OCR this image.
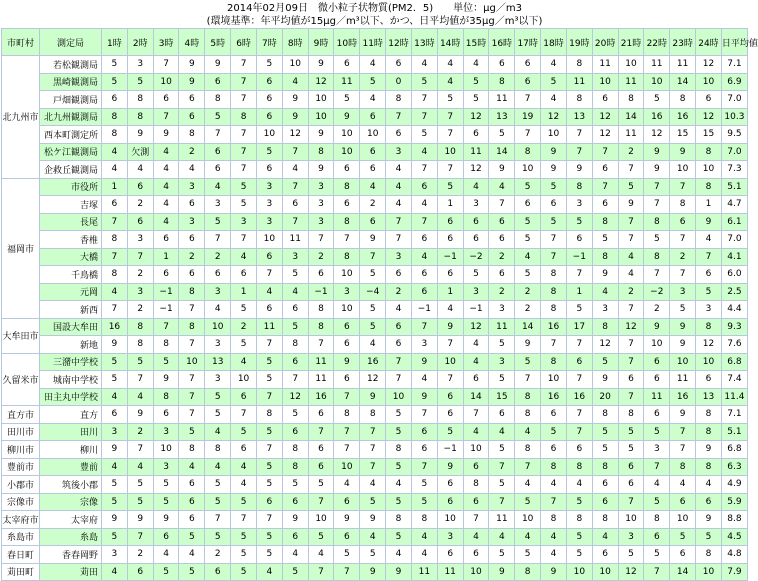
2014年02月09日　微小粒子状物質(PM2．5)　　単位：μg／m3
(環境基準：年平均値が15μg／m³以下、かつ、日平均値が35μg／m³以下)
市町村	測定局	1時	2時	3時	4時	5時	6時	7時	8時	9時	10時	11時	12時	13時	14時	15時	16時	17時	18時	19時	20時	21時	22時	23時	24時	日平均値
北九州市	若松観測局	5	3	7	9	9	7	5	10	9	6	4	6	4	4	4	6	6	4	8	11	10	11	11	12	7.1
	黒崎観測局	5	5	10	9	6	7	6	4	12	11	5	0	5	4	5	8	6	5	11	10	11	10	14	10	6.9
	戸畑観測局	6	8	6	6	8	7	6	9	10	5	4	8	7	5	5	11	7	4	8	6	8	5	8	6	7.0
	北九州観測局	8	8	7	6	5	8	6	9	10	9	6	7	7	7	12	13	19	12	13	12	14	16	16	12	10.3
	西本町測定所	8	9	9	8	7	7	10	12	9	10	10	6	5	7	6	5	7	10	7	12	11	12	15	15	9.5
	松ケ江観測局	4	欠測	4	2	6	7	5	7	8	10	6	3	4	10	11	14	8	9	7	7	2	9	9	8	7.0
	企救丘観測局	4	4	4	4	6	7	6	4	9	6	6	4	7	7	12	9	10	9	9	6	7	9	10	10	7.3
福岡市	市役所	1	6	4	3	4	5	3	7	3	8	4	4	6	5	4	4	5	5	8	7	5	7	7	8	5.1
	吉塚	6	2	4	6	3	5	3	6	3	6	2	4	4	1	3	7	6	6	3	6	9	7	8	1	4.7
	長尾	7	6	4	3	5	3	3	7	3	8	6	7	7	6	6	6	5	5	5	8	7	8	6	9	6.1
	香椎	8	3	6	6	7	7	10	11	7	7	9	7	6	6	6	6	5	7	6	5	7	5	7	4	7.0
	大橋	7	7	1	2	2	4	6	3	2	8	7	3	4	−1	−2	2	4	7	−1	8	4	8	2	7	4.1
	千鳥橋	8	2	6	6	6	6	7	5	6	10	5	6	6	6	5	6	5	8	7	9	4	7	7	6	6.0
	元岡	4	3	−1	8	3	1	4	4	−1	3	−4	2	6	1	3	2	2	8	1	4	2	−2	3	5	2.5
	新西	7	2	−1	7	4	5	6	6	8	10	5	4	−1	4	−1	3	2	8	5	3	7	2	5	3	4.4
大牟田市	国設大牟田	16	8	7	8	10	2	11	5	8	6	5	6	7	9	12	11	14	16	17	8	12	9	9	8	9.3
	新地	9	8	8	7	3	5	7	8	7	6	4	6	3	7	4	5	9	7	7	12	7	10	9	12	7.6
久留米市	三潴中学校	5	5	5	10	13	4	5	6	11	9	16	7	9	10	4	3	5	8	6	5	7	6	10	10	6.8
	城南中学校	5	7	9	7	3	10	5	7	11	6	12	7	4	7	6	5	7	10	7	9	6	6	11	6	7.4
	田主丸中学校	4	4	8	7	5	6	7	12	16	7	9	10	9	6	14	15	8	16	16	20	7	11	16	13	11.4
直方市	直方	6	9	6	7	5	7	8	5	6	8	8	5	7	6	7	6	8	6	7	8	8	6	9	8	7.1
田川市	田川	3	2	3	5	4	5	5	6	7	7	7	5	6	5	4	4	4	5	7	5	5	5	7	8	5.1
柳川市	柳川	9	7	10	8	8	6	7	8	6	7	7	8	6	−1	10	5	8	6	6	5	5	3	7	9	6.8
豊前市	豊前	4	4	3	4	4	4	5	8	6	10	7	5	7	9	6	7	7	8	8	8	6	7	8	8	6.3
小郡市	筑後小郡	5	5	5	6	5	4	5	5	5	4	4	4	5	6	8	5	4	4	4	6	6	4	4	4	4.9
宗像市	宗像	5	5	5	6	5	5	6	6	7	6	5	5	5	6	6	7	5	7	5	6	7	5	6	6	5.9
太宰府市	太宰府	9	9	9	6	7	7	7	9	10	9	9	8	8	10	7	11	10	8	8	8	10	8	10	9	8.8
糸島市	糸島	5	7	6	5	5	5	5	6	5	6	4	5	4	3	4	4	4	4	5	4	3	6	5	5	4.5
春日町	香春岡野	3	2	4	4	2	5	5	4	4	5	5	4	4	6	6	5	5	4	5	6	5	5	6	8	4.8
苅田町	苅田	4	6	5	5	6	5	4	5	7	7	9	9	11	11	10	9	8	9	10	10	12	7	14	10	7.9
